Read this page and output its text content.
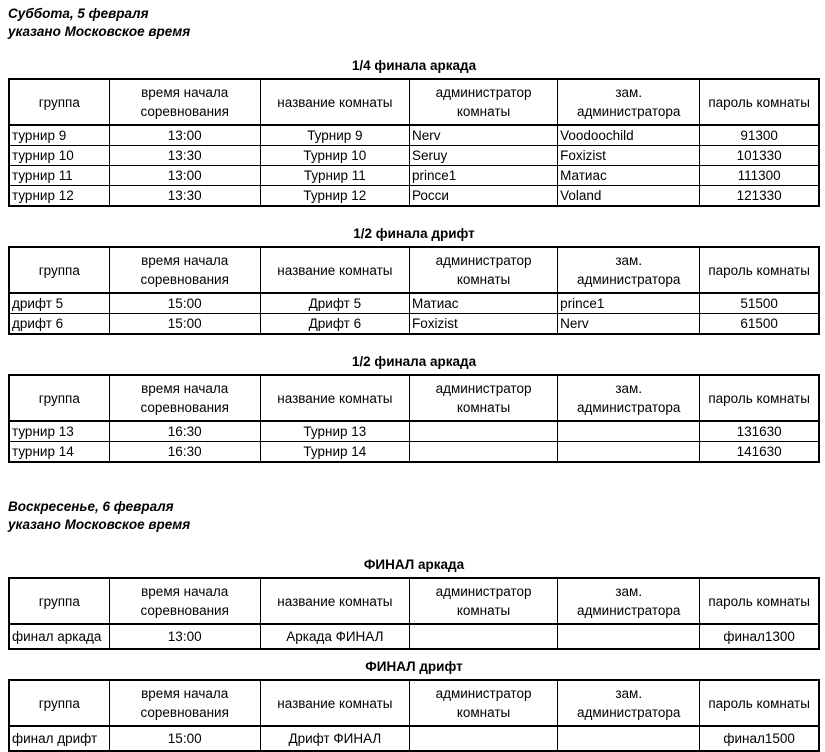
Суббота, 5 февраля
указано Московское время
1/4 финала аркада
группа	время начала соревнования	название комнаты	администратор комнаты	зам. администратора	пароль комнаты
турнир 9	13:00	Турнир 9	Nerv	Voodoochild	91300
турнир 10	13:30	Турнир 10	Seruy	Foxizist	101330
турнир 11	13:00	Турнир 11	prince1	Матиас	111300
турнир 12	13:30	Турнир 12	Росси	Voland	121330
1/2 финала дрифт
группа	время начала соревнования	название комнаты	администратор комнаты	зам. администратора	пароль комнаты
дрифт 5	15:00	Дрифт 5	Матиас	prince1	51500
дрифт 6	15:00	Дрифт 6	Foxizist	Nerv	61500
1/2 финала аркада
группа	время начала соревнования	название комнаты	администратор комнаты	зам. администратора	пароль комнаты
турнир 13	16:30	Турнир 13			131630
турнир 14	16:30	Турнир 14			141630
Воскресенье, 6 февраля
указано Московское время
ФИНАЛ аркада
группа	время начала соревнования	название комнаты	администратор комнаты	зам. администратора	пароль комнаты
финал аркада	13:00	Аркада ФИНАЛ			финал1300
ФИНАЛ дрифт
группа	время начала соревнования	название комнаты	администратор комнаты	зам. администратора	пароль комнаты
финал дрифт	15:00	Дрифт ФИНАЛ			финал1500
